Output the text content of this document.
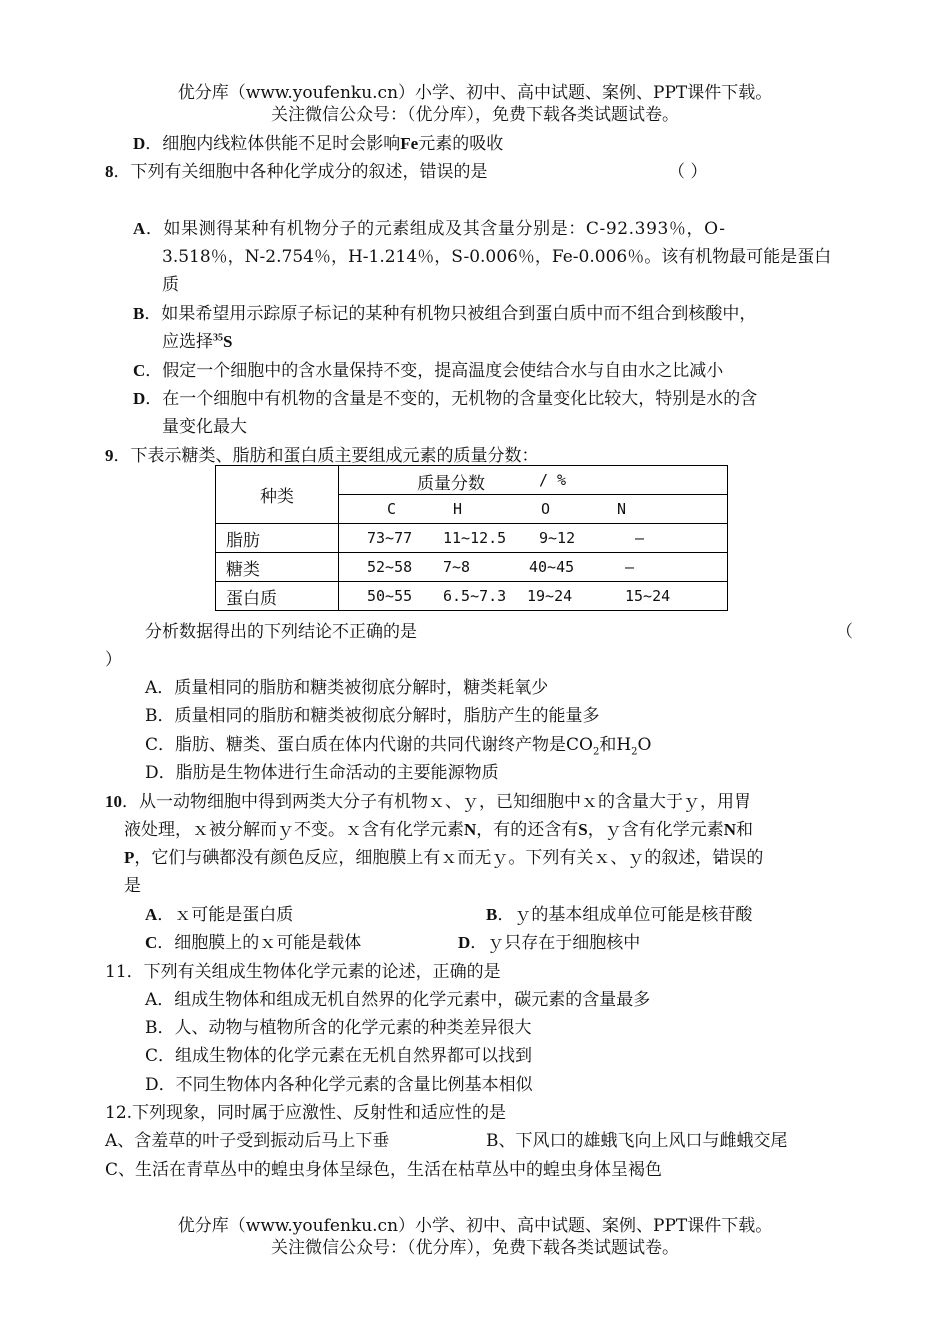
优分库（www.youfenku.cn）小学、初中、高中试题、案例、PPT课件下载。
关注微信公众号：（优分库），免费下载各类试题试卷。
D．细胞内线粒体供能不足时会影响Fe元素的吸收
8．下列有关细胞中各种化学成分的叙述，错误的是	（ ）
A．如果测得某种有机物分子的元素组成及其含量分别是：C-92.393％，O-
3.518％，N-2.754％，H-1.214％，S-0.006％，Fe-0.006％。该有机物最可能是蛋白
质
B．如果希望用示踪原子标记的某种有机物只被组合到蛋白质中而不组合到核酸中，
应选择$^{35}$S
C．假定一个细胞中的含水量保持不变，提高温度会使结合水与自由水之比减小
D．在一个细胞中有机物的含量是不变的，无机物的含量变化比较大，特别是水的含
量变化最大
9．下表示糖类、脂肪和蛋白质主要组成元素的质量分数：
种类	质量分数 / %

	C H O N

脂肪	73~77 11~12.5 9~12 —

糖类	52~58 7~8 40~45 —

蛋白质	50~55 6.5~7.3 19~24 15~24
分析数据得出的下列结论不正确的是	（
）
A．质量相同的脂肪和糖类被彻底分解时，糖类耗氧少
B．质量相同的脂肪和糖类被彻底分解时，脂肪产生的能量多
C．脂肪、糖类、蛋白质在体内代谢的共同代谢终产物是$CO_2$和$H_2O$
D．脂肪是生物体进行生命活动的主要能源物质
10．从一动物细胞中得到两类大分子有机物ｘ、ｙ，已知细胞中ｘ的含量大于ｙ，用胃
液处理，ｘ被分解而ｙ不变。ｘ含有化学元素N，有的还含有S，ｙ含有化学元素N和
P，它们与碘都没有颜色反应，细胞膜上有ｘ而无ｙ。下列有关ｘ、ｙ的叙述，错误的
是
A．ｘ可能是蛋白质	B．ｙ的基本组成单位可能是核苷酸
C．细胞膜上的ｘ可能是载体	D．ｙ只存在于细胞核中
11．下列有关组成生物体化学元素的论述，正确的是
A．组成生物体和组成无机自然界的化学元素中，碳元素的含量最多
B．人、动物与植物所含的化学元素的种类差异很大
C．组成生物体的化学元素在无机自然界都可以找到
D．不同生物体内各种化学元素的含量比例基本相似
12.下列现象，同时属于应激性、反射性和适应性的是
A、含羞草的叶子受到振动后马上下垂	B、下风口的雄蛾飞向上风口与雌蛾交尾
C、生活在青草丛中的蝗虫身体呈绿色，生活在枯草丛中的蝗虫身体呈褐色
优分库（www.youfenku.cn）小学、初中、高中试题、案例、PPT课件下载。
关注微信公众号：（优分库），免费下载各类试题试卷。
